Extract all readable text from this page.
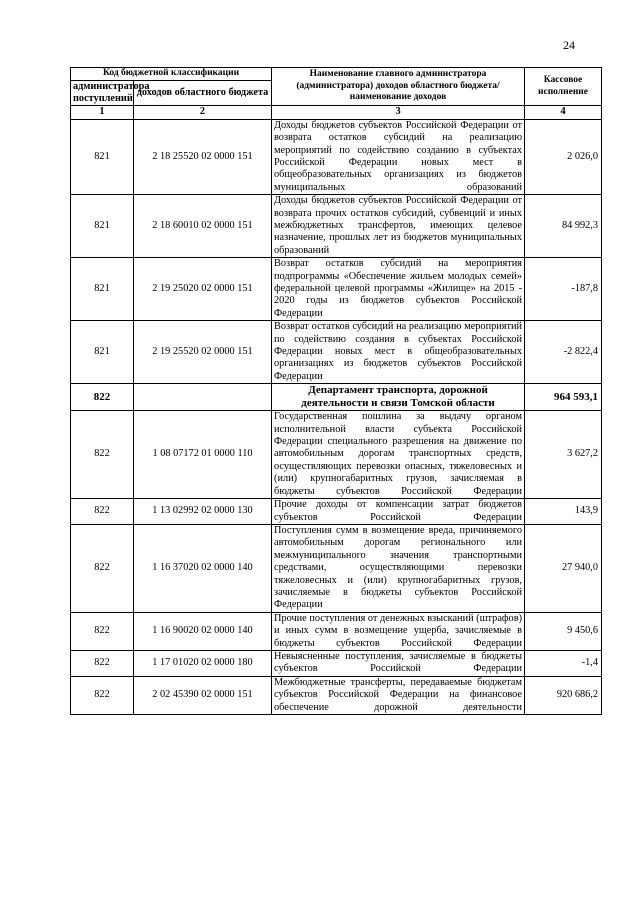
24
Код бюджетной классификации		Наименование главного администратора (администратора) доходов областного бюджета/ наименование доходов	Кассовое исполнение
администратора поступлений	доходов областного бюджета		
1	2	3	4
821	2 18 25520 02 0000 151	Доходы бюджетов субъектов Российской Федерации от возврата остатков субсидий на реализацию мероприятий по содействию созданию в субъектах Российской Федерации новых мест в общеобразовательных организациях из бюджетов муниципальных образований	2 026,0
821	2 18 60010 02 0000 151	Доходы бюджетов субъектов Российской Федерации от возврата прочих остатков субсидий, субвенций и иных межбюджетных трансфертов, имеющих целевое назначение, прошлых лет из бюджетов муниципальных образований	84 992,3
821	2 19 25020 02 0000 151	Возврат остатков субсидий на мероприятия подпрограммы «Обеспечение жильем молодых семей» федеральной целевой программы «Жилище» на 2015 - 2020 годы из бюджетов субъектов Российской Федерации	-187,8
821	2 19 25520 02 0000 151	Возврат остатков субсидий на реализацию мероприятий по содействию создания в субъектах Российской Федерации новых мест в общеобразовательных организациях из бюджетов субъектов Российской Федерации	-2 822,4
822		Департамент транспорта, дорожной деятельности и связи Томской области	964 593,1
822	1 08 07172 01 0000 110	Государственная пошлина за выдачу органом исполнительной власти субъекта Российской Федерации специального разрешения на движение по автомобильным дорогам транспортных средств, осуществляющих перевозки опасных, тяжеловесных и (или) крупногабаритных грузов, зачисляемая в бюджеты субъектов Российской Федерации	3 627,2
822	1 13 02992 02 0000 130	Прочие доходы от компенсации затрат бюджетов субъектов Российской Федерации	143,9
822	1 16 37020 02 0000 140	Поступления сумм в возмещение вреда, причиняемого автомобильным дорогам регионального или межмуниципального значения транспортными средствами, осуществляющими перевозки тяжеловесных и (или) крупногабаритных грузов, зачисляемые в бюджеты субъектов Российской Федерации	27 940,0
822	1 16 90020 02 0000 140	Прочие поступления от денежных взысканий (штрафов) и иных сумм в возмещение ущерба, зачисляемые в бюджеты субъектов Российской Федерации	9 450,6
822	1 17 01020 02 0000 180	Невыясненные поступления, зачисляемые в бюджеты субъектов Российской Федерации	-1,4
822	2 02 45390 02 0000 151	Межбюджетные трансферты, передаваемые бюджетам субъектов Российской Федерации на финансовое обеспечение дорожной деятельности	920 686,2
